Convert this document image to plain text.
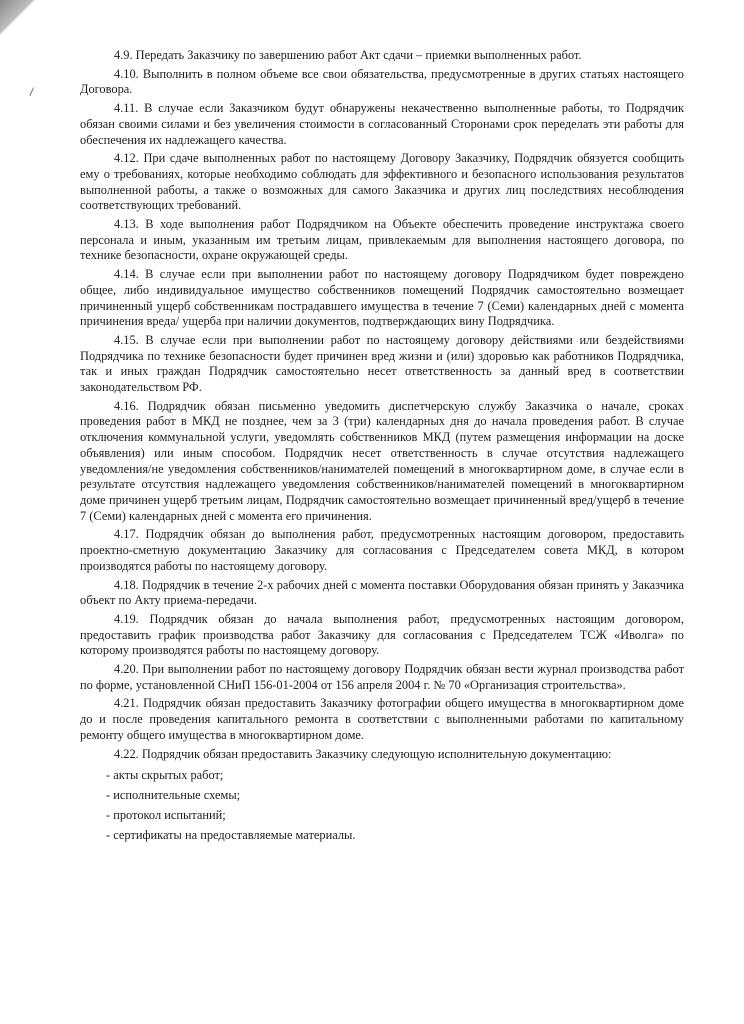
4.9. Передать Заказчику по завершению работ Акт сдачи – приемки выполненных работ.

4.10. Выполнить в полном объеме все свои обязательства, предусмотренные в других статьях настоящего Договора.

4.11. В случае если Заказчиком будут обнаружены некачественно выполненные работы, то Подрядчик обязан своими силами и без увеличения стоимости в согласованный Сторонами срок переделать эти работы для обеспечения их надлежащего качества.

4.12. При сдаче выполненных работ по настоящему Договору Заказчику, Подрядчик обязуется сообщить ему о требованиях, которые необходимо соблюдать для эффективного и безопасного использования результатов выполненной работы, а также о возможных для самого Заказчика и других лиц последствиях несоблюдения соответствующих требований.

4.13. В ходе выполнения работ Подрядчиком на Объекте обеспечить проведение инструктажа своего персонала и иным, указанным им третьим лицам, привлекаемым для выполнения настоящего договора, по технике безопасности, охране окружающей среды.

4.14. В случае если при выполнении работ по настоящему договору Подрядчиком будет повреждено общее, либо индивидуальное имущество собственников помещений Подрядчик самостоятельно возмещает причиненный ущерб собственникам пострадавшего имущества в течение 7 (Семи) календарных дней с момента причинения вреда/ ущерба при наличии документов, подтверждающих вину Подрядчика.

4.15. В случае если при выполнении работ по настоящему договору действиями или бездействиями Подрядчика по технике безопасности будет причинен вред жизни и (или) здоровью как работников Подрядчика, так и иных граждан Подрядчик самостоятельно несет ответственность за данный вред в соответствии законодательством РФ.

4.16. Подрядчик обязан письменно уведомить диспетчерскую службу Заказчика о начале, сроках проведения работ в МКД не позднее, чем за 3 (три) календарных дня до начала проведения работ. В случае отключения коммунальной услуги, уведомлять собственников МКД (путем размещения информации на доске объявления) или иным способом. Подрядчик несет ответственность в случае отсутствия надлежащего уведомления/не уведомления собственников/нанимателей помещений в многоквартирном доме, в случае если в результате отсутствия надлежащего уведомления собственников/нанимателей помещений в многоквартирном доме причинен ущерб третьим лицам, Подрядчик самостоятельно возмещает причиненный вред/ущерб в течение 7 (Семи) календарных дней с момента его причинения.

4.17. Подрядчик обязан до выполнения работ, предусмотренных настоящим договором, предоставить проектно-сметную документацию Заказчику для согласования с Председателем совета МКД, в котором производятся работы по настоящему договору.

4.18. Подрядчик в течение 2-х рабочих дней с момента поставки Оборудования обязан принять у Заказчика объект по Акту приема-передачи.

4.19. Подрядчик обязан до начала выполнения работ, предусмотренных настоящим договором, предоставить график производства работ Заказчику для согласования с Председателем ТСЖ «Иволга» по которому производятся работы по настоящему договору.

4.20. При выполнении работ по настоящему договору Подрядчик обязан вести журнал производства работ по форме, установленной СНиП 156-01-2004 от 156 апреля 2004 г. № 70 «Организация строительства».

4.21. Подрядчик обязан предоставить Заказчику фотографии общего имущества в многоквартирном доме до и после проведения капитального ремонта в соответствии с выполненными работами по капитальному ремонту общего имущества в многоквартирном доме.

4.22. Подрядчик обязан предоставить Заказчику следующую исполнительную документацию:

- акты скрытых работ;

- исполнительные схемы;

- протокол испытаний;

- сертификаты на предоставляемые материалы.
